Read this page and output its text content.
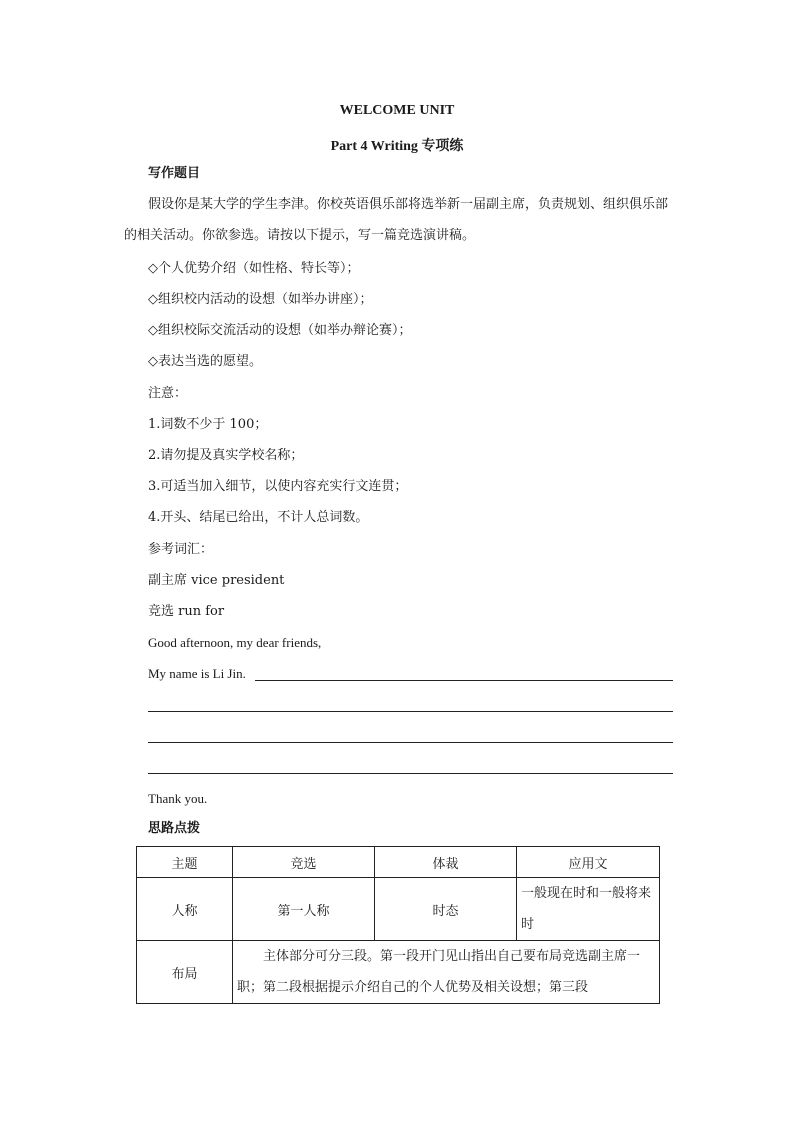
WELCOME UNIT
Part 4 Writing 专项练
写作题目
假设你是某大学的学生李津。你校英语俱乐部将选举新一届副主席，负责规划、组织俱乐部的相关活动。你欲参选。请按以下提示，写一篇竞选演讲稿。
◇个人优势介绍（如性格、特长等）；
◇组织校内活动的设想（如举办讲座）；
◇组织校际交流活动的设想（如举办辩论赛）；
◇表达当选的愿望。
注意：
1.词数不少于 100；
2.请勿提及真实学校名称；
3.可适当加入细节，以使内容充实行文连贯；
4.开头、结尾已给出，不计人总词数。
参考词汇：
副主席 vice president
竞选 run for
Good afternoon, my dear friends,
My name is Li Jin.
Thank you.
思路点拨
主题	竞选	体裁	应用文
人称	第一人称	时态	一般现在时和一般将来时
布局	主体部分可分三段。第一段开门见山指出自己要布局竞选副主席一职；第二段根据提示介绍自己的个人优势及相关设想；第三段		
